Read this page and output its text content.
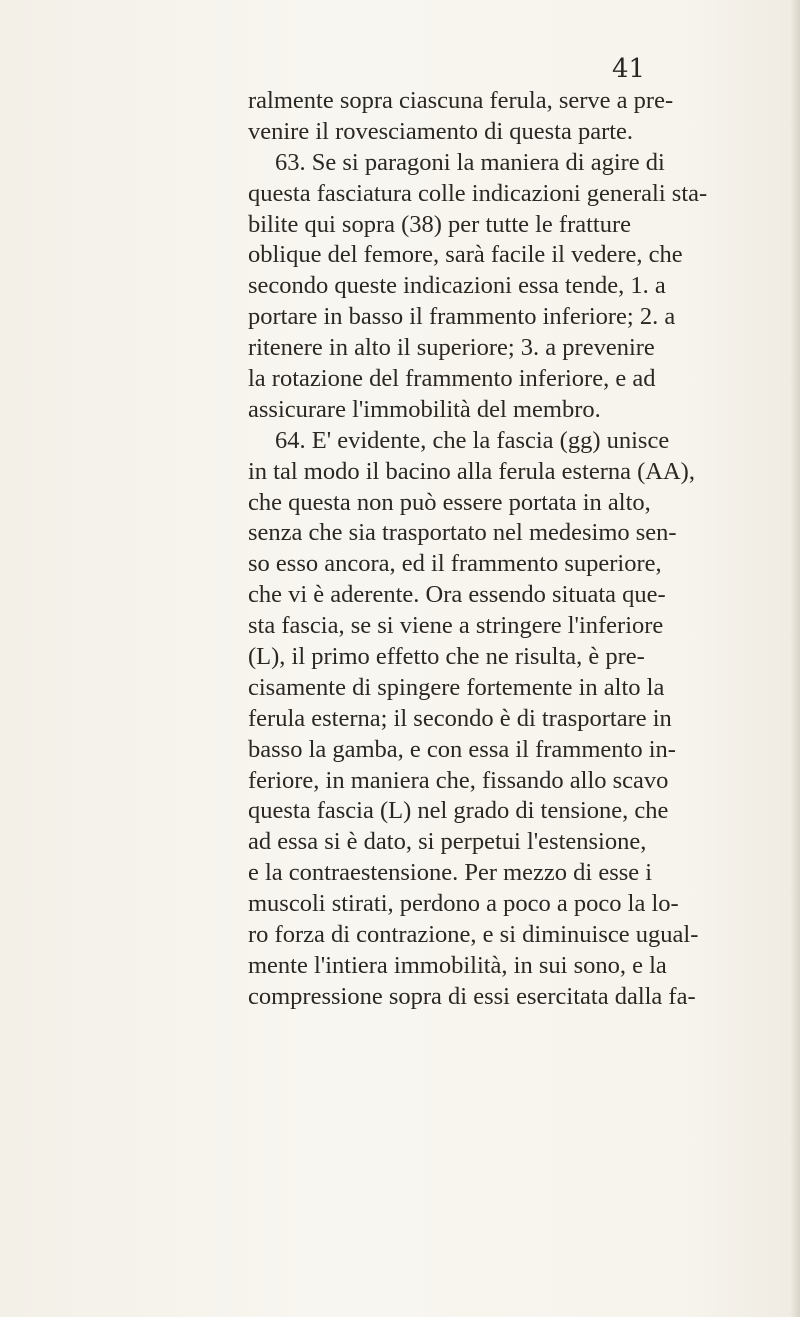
41
ralmente sopra ciascuna ferula, serve a pre-
venire il rovesciamento di questa parte.
63. Se si paragoni la maniera di agire di
questa fasciatura colle indicazioni generali sta-
bilite qui sopra (38) per tutte le fratture
oblique del femore, sarà facile il vedere, che
secondo queste indicazioni essa tende, 1. a
portare in basso il frammento inferiore; 2. a
ritenere in alto il superiore; 3. a prevenire
la rotazione del frammento inferiore, e ad
assicurare l'immobilità del membro.
64. E' evidente, che la fascia (gg) unisce
in tal modo il bacino alla ferula esterna (AA),
che questa non può essere portata in alto,
senza che sia trasportato nel medesimo sen-
so esso ancora, ed il frammento superiore,
che vi è aderente. Ora essendo situata que-
sta fascia, se si viene a stringere l'inferiore
(L), il primo effetto che ne risulta, è pre-
cisamente di spingere fortemente in alto la
ferula esterna; il secondo è di trasportare in
basso la gamba, e con essa il frammento in-
feriore, in maniera che, fissando allo scavo
questa fascia (L) nel grado di tensione, che
ad essa si è dato, si perpetui l'estensione,
e la contraestensione. Per mezzo di esse i
muscoli stirati, perdono a poco a poco la lo-
ro forza di contrazione, e si diminuisce ugual-
mente l'intiera immobilità, in sui sono, e la
compressione sopra di essi esercitata dalla fa-
